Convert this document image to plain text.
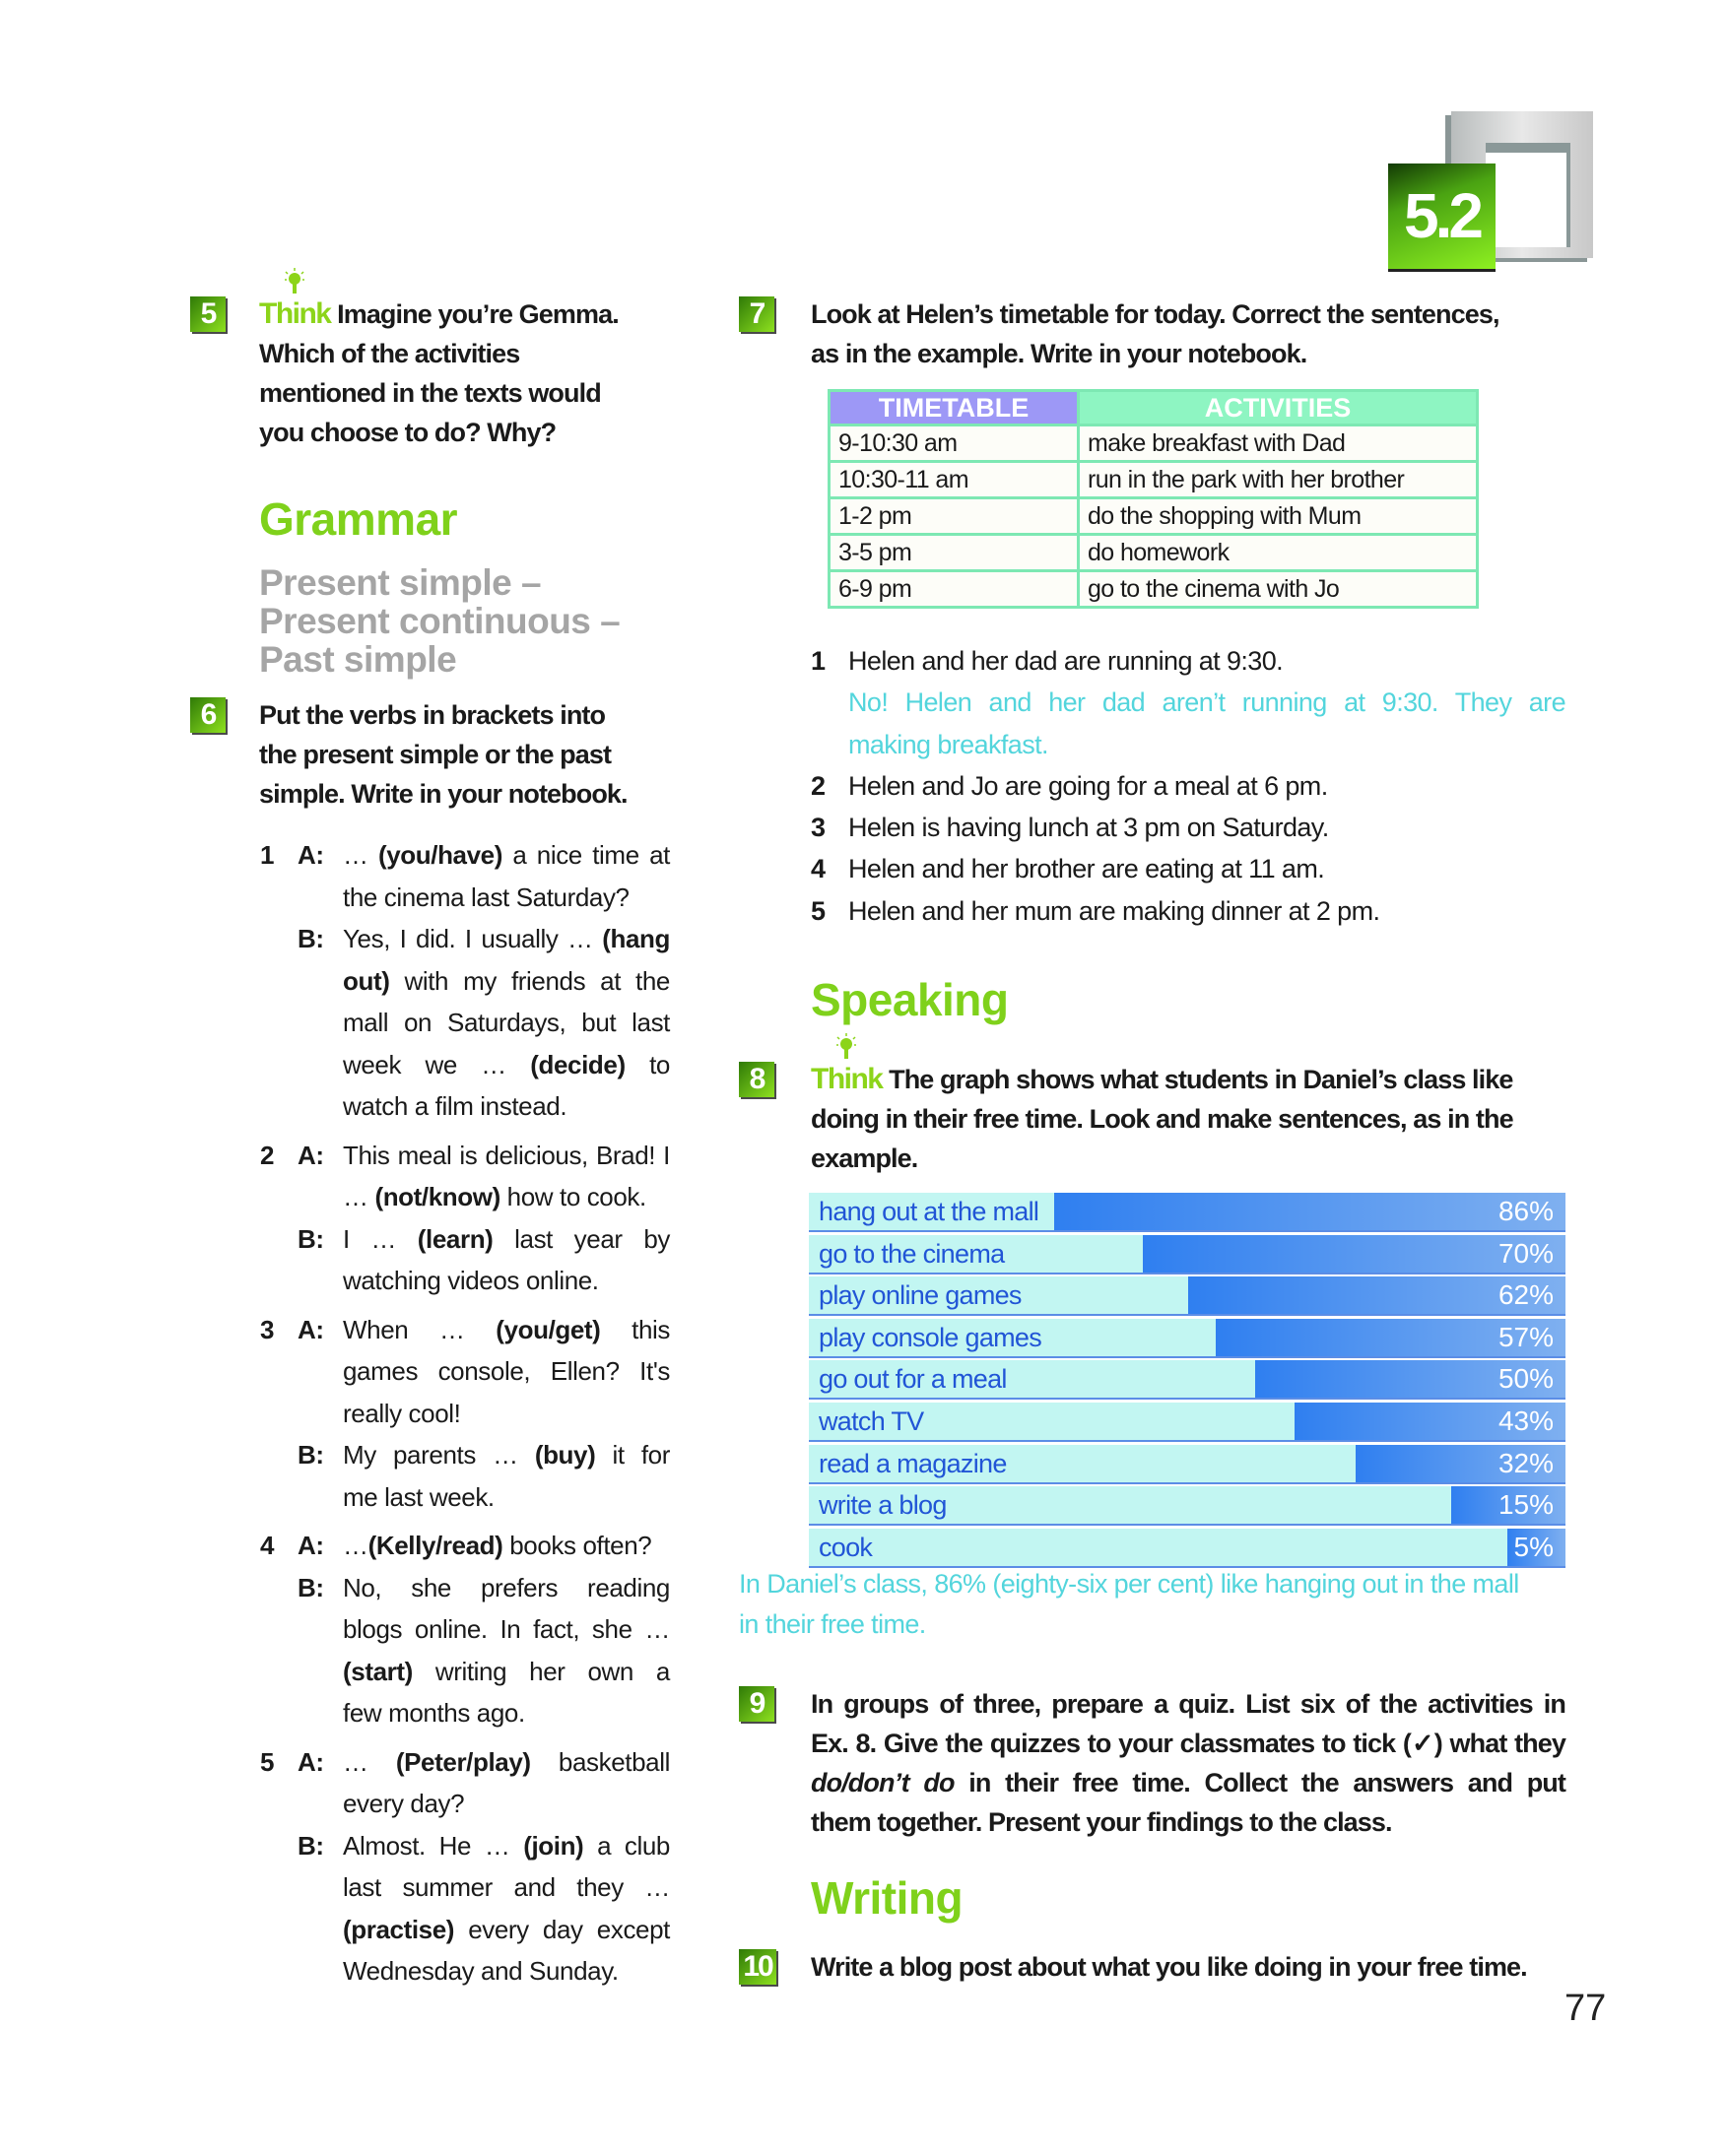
5.2
5	Think Imagine you’re Gemma.
Which of the activities
mentioned in the texts would
you choose to do? Why?
Grammar
Present simple –
Present continuous –
Past simple
6	Put the verbs in brackets into
the present simple or the past
simple. Write in your notebook.
1 A: … (you/have) a nice time at
the cinema last Saturday?
B: Yes, I did. I usually … (hang
out) with my friends at the
mall on Saturdays, but last
week we … (decide) to
watch a film instead.
2 A: This meal is delicious, Brad! I
… (not/know) how to cook.
B: I … (learn) last year by
watching videos online.
3 A: When … (you/get) this
games console, Ellen? It's
really cool!
B: My parents … (buy) it for
me last week.
4 A: …(Kelly/read) books often?
B: No, she prefers reading
blogs online. In fact, she …
(start) writing her own a
few months ago.
5 A: … (Peter/play) basketball
every day?
B: Almost. He … (join) a club
last summer and they …
(practise) every day except
Wednesday and Sunday.
7	Look at Helen’s timetable for today. Correct the sentences,
as in the example. Write in your notebook.
TIMETABLE	ACTIVITIES
9-10:30 am	make breakfast with Dad
10:30-11 am	run in the park with her brother
1-2 pm	do the shopping with Mum
3-5 pm	do homework
6-9 pm	go to the cinema with Jo
1 Helen and her dad are running at 9:30.
No! Helen and her dad aren’t running at 9:30. They are
making breakfast.
2 Helen and Jo are going for a meal at 6 pm.
3 Helen is having lunch at 3 pm on Saturday.
4 Helen and her brother are eating at 11 am.
5 Helen and her mum are making dinner at 2 pm.
Speaking
8	Think The graph shows what students in Daniel’s class like
doing in their free time. Look and make sentences, as in the
example.
hang out at the mall	86%
go to the cinema	70%
play online games	62%
play console games	57%
go out for a meal	50%
watch TV	43%
read a magazine	32%
write a blog	15%
cook	5%
In Daniel’s class, 86% (eighty-six per cent) like hanging out in the mall
in their free time.
9	In groups of three, prepare a quiz. List six of the activities in
Ex. 8. Give the quizzes to your classmates to tick (✓) what they
do/don’t do in their free time. Collect the answers and put
them together. Present your findings to the class.
Writing
10 Write a blog post about what you like doing in your free time.
77
